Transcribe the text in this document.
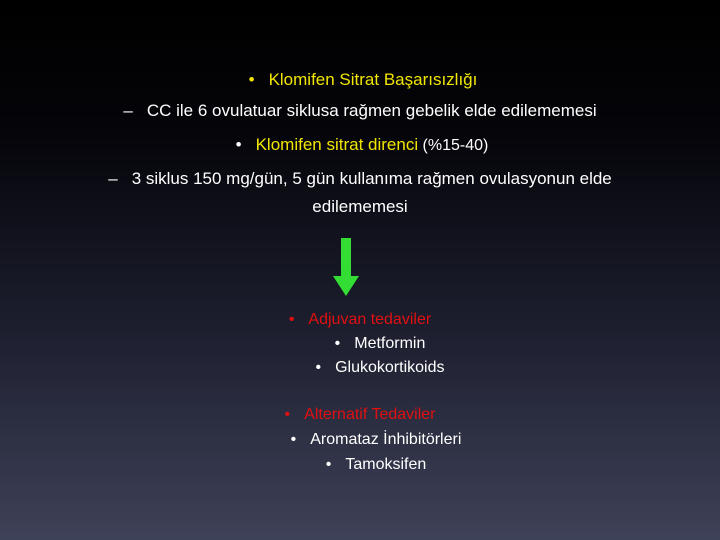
• Klomifen Sitrat Başarısızlığı
– CC ile 6 ovulatuar siklusa rağmen gebelik elde edilememesi
• Klomifen sitrat direnci (%15-40)
– 3 siklus 150 mg/gün, 5 gün kullanıma rağmen ovulasyonun elde
edilememesi
• Adjuvan tedaviler
• Metformin
• Glukokortikoids
• Alternatif Tedaviler
• Aromataz İnhibitörleri
• Tamoksifen
